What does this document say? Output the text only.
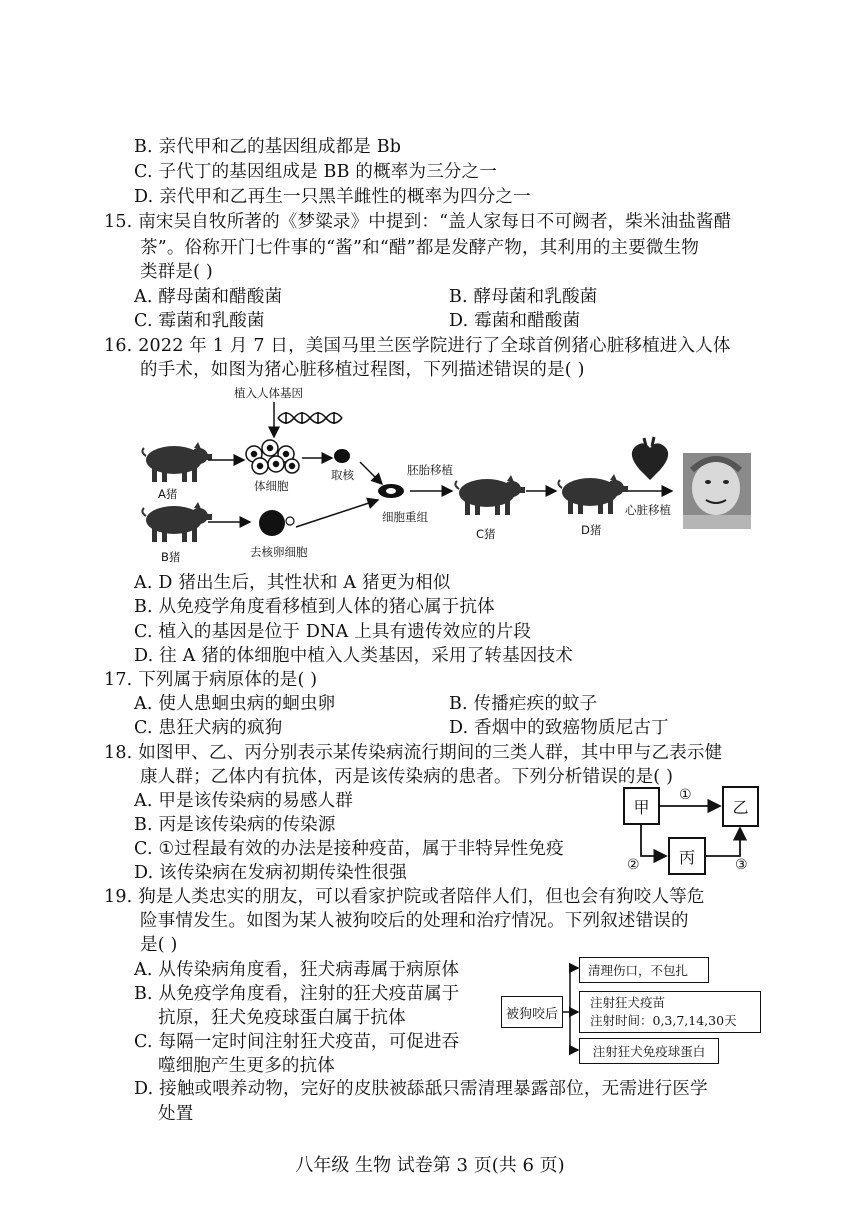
B. 亲代甲和乙的基因组成都是 Bb
C. 子代丁的基因组成是 BB 的概率为三分之一
D. 亲代甲和乙再生一只黑羊雌性的概率为四分之一
15. 南宋吴自牧所著的《梦粱录》中提到：“盖人家每日不可阙者，柴米油盐酱醋
茶”。俗称开门七件事的“酱”和“醋”都是发酵产物，其利用的主要微生物
类群是( )
A. 酵母菌和醋酸菌	B. 酵母菌和乳酸菌
C. 霉菌和乳酸菌	D. 霉菌和醋酸菌
16. 2022 年 1 月 7 日，美国马里兰医学院进行了全球首例猪心脏移植进入人体
的手术，如图为猪心脏移植过程图，下列描述错误的是( )
植入人体基因
A猪
体细胞
取核	胚胎移植
B猪	去核卵细胞
细胞重组
C猪	D猪
心脏移植
A. D 猪出生后，其性状和 A 猪更为相似
B. 从免疫学角度看移植到人体的猪心属于抗体
C. 植入的基因是位于 DNA 上具有遗传效应的片段
D. 往 A 猪的体细胞中植入人类基因，采用了转基因技术
17. 下列属于病原体的是( )
A. 使人患蛔虫病的蛔虫卵	B. 传播疟疾的蚊子
C. 患狂犬病的疯狗	D. 香烟中的致癌物质尼古丁
18. 如图甲、乙、丙分别表示某传染病流行期间的三类人群，其中甲与乙表示健
康人群；乙体内有抗体，丙是该传染病的患者。下列分析错误的是( )
A. 甲是该传染病的易感人群
B. 丙是该传染病的传染源
C. ①过程最有效的办法是接种疫苗，属于非特异性免疫
D. 该传染病在发病初期传染性很强
甲	乙
丙
①
②	③
19. 狗是人类忠实的朋友，可以看家护院或者陪伴人们，但也会有狗咬人等危
险事情发生。如图为某人被狗咬后的处理和治疗情况。下列叙述错误的
是( )
A. 从传染病角度看，狂犬病毒属于病原体
B. 从免疫学角度看，注射的狂犬疫苗属于
抗原，狂犬免疫球蛋白属于抗体
C. 每隔一定时间注射狂犬疫苗，可促进吞
噬细胞产生更多的抗体
D. 接触或喂养动物，完好的皮肤被舔舐只需清理暴露部位，无需进行医学
处置
被狗咬后
清理伤口，不包扎
注射狂犬疫苗
注射时间：0,3,7,14,30天
注射狂犬免疫球蛋白
八年级 生物 试卷第 3 页(共 6 页)
